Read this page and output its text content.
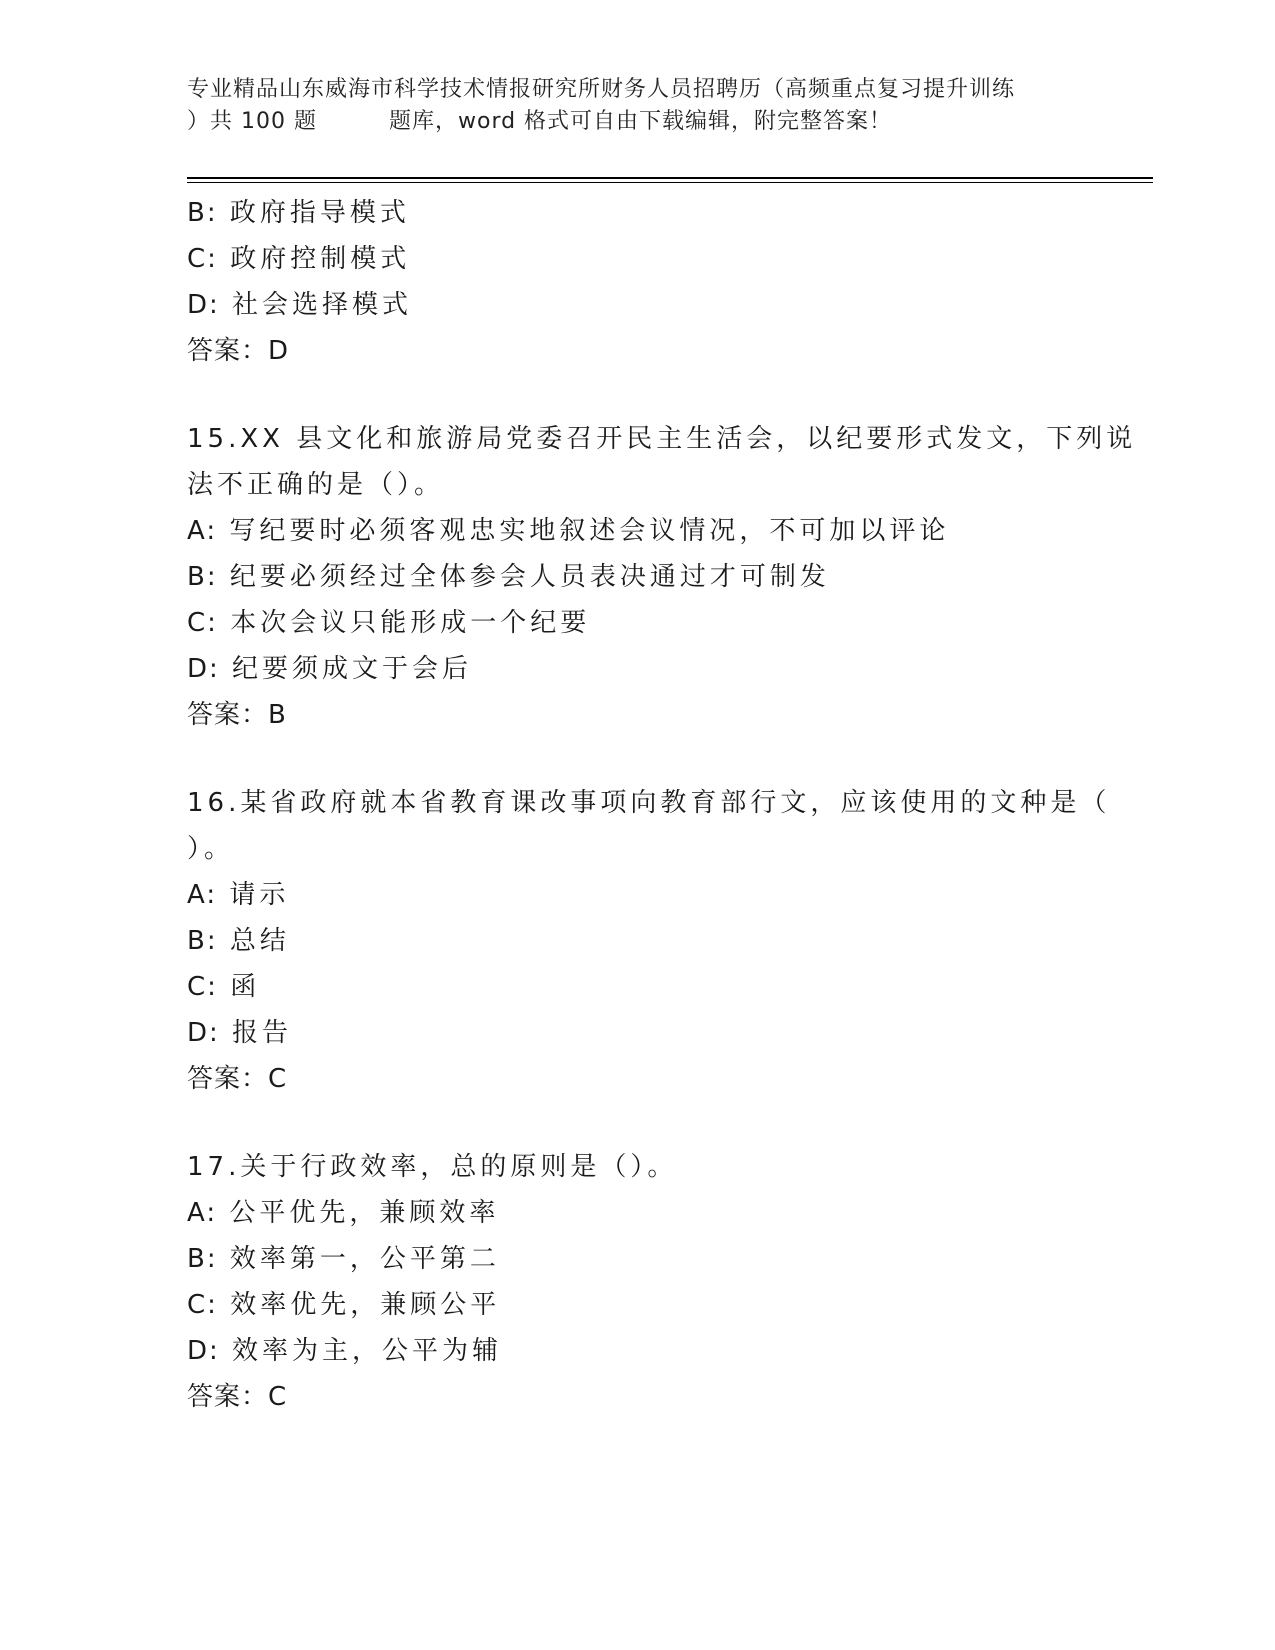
专业精品山东威海市科学技术情报研究所财务人员招聘历（高频重点复习提升训练
）共 100 题	题库，word 格式可自由下载编辑，附完整答案！
B: 政府指导模式
C: 政府控制模式
D: 社会选择模式
答案：D
15.XX 县文化和旅游局党委召开民主生活会，以纪要形式发文，下列说
法不正确的是（）。
A: 写纪要时必须客观忠实地叙述会议情况，不可加以评论
B: 纪要必须经过全体参会人员表决通过才可制发
C: 本次会议只能形成一个纪要
D: 纪要须成文于会后
答案：B
16.某省政府就本省教育课改事项向教育部行文，应该使用的文种是（
）。
A: 请示
B: 总结
C: 函
D: 报告
答案：C
17.关于行政效率，总的原则是（）。
A: 公平优先，兼顾效率
B: 效率第一，公平第二
C: 效率优先，兼顾公平
D: 效率为主，公平为辅
答案：C
